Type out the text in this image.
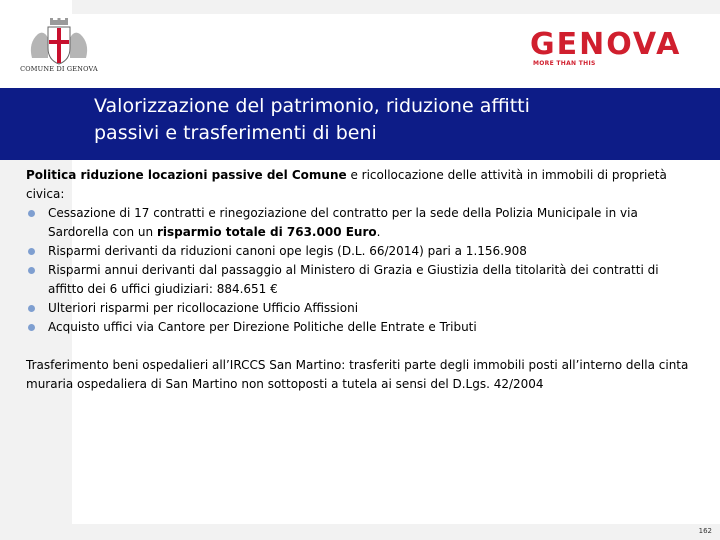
COMUNE DI GENOVA
GENOVA
MORE THAN THIS
Valorizzazione del patrimonio, riduzione affitti
passivi e trasferimenti di beni

Politica riduzione locazioni passive del Comune e ricollocazione delle attività in immobili di proprietà civica:

Cessazione di 17 contratti e rinegoziazione del contratto per la sede della Polizia Municipale in via Sardorella con un risparmio totale di 763.000 Euro.
Risparmi derivanti da riduzioni canoni ope legis (D.L. 66/2014) pari a 1.156.908
Risparmi annui derivanti dal passaggio al Ministero di Grazia e Giustizia della titolarità dei contratti di affitto dei 6 uffici giudiziari: 884.651 €
Ulteriori risparmi per ricollocazione Ufficio Affissioni
Acquisto uffici via Cantore per Direzione Politiche delle Entrate e Tributi

Trasferimento beni ospedalieri all’IRCCS San Martino: trasferiti parte degli immobili posti all’interno della cinta muraria ospedaliera di San Martino non sottoposti a tutela ai sensi del D.Lgs. 42/2004

162
